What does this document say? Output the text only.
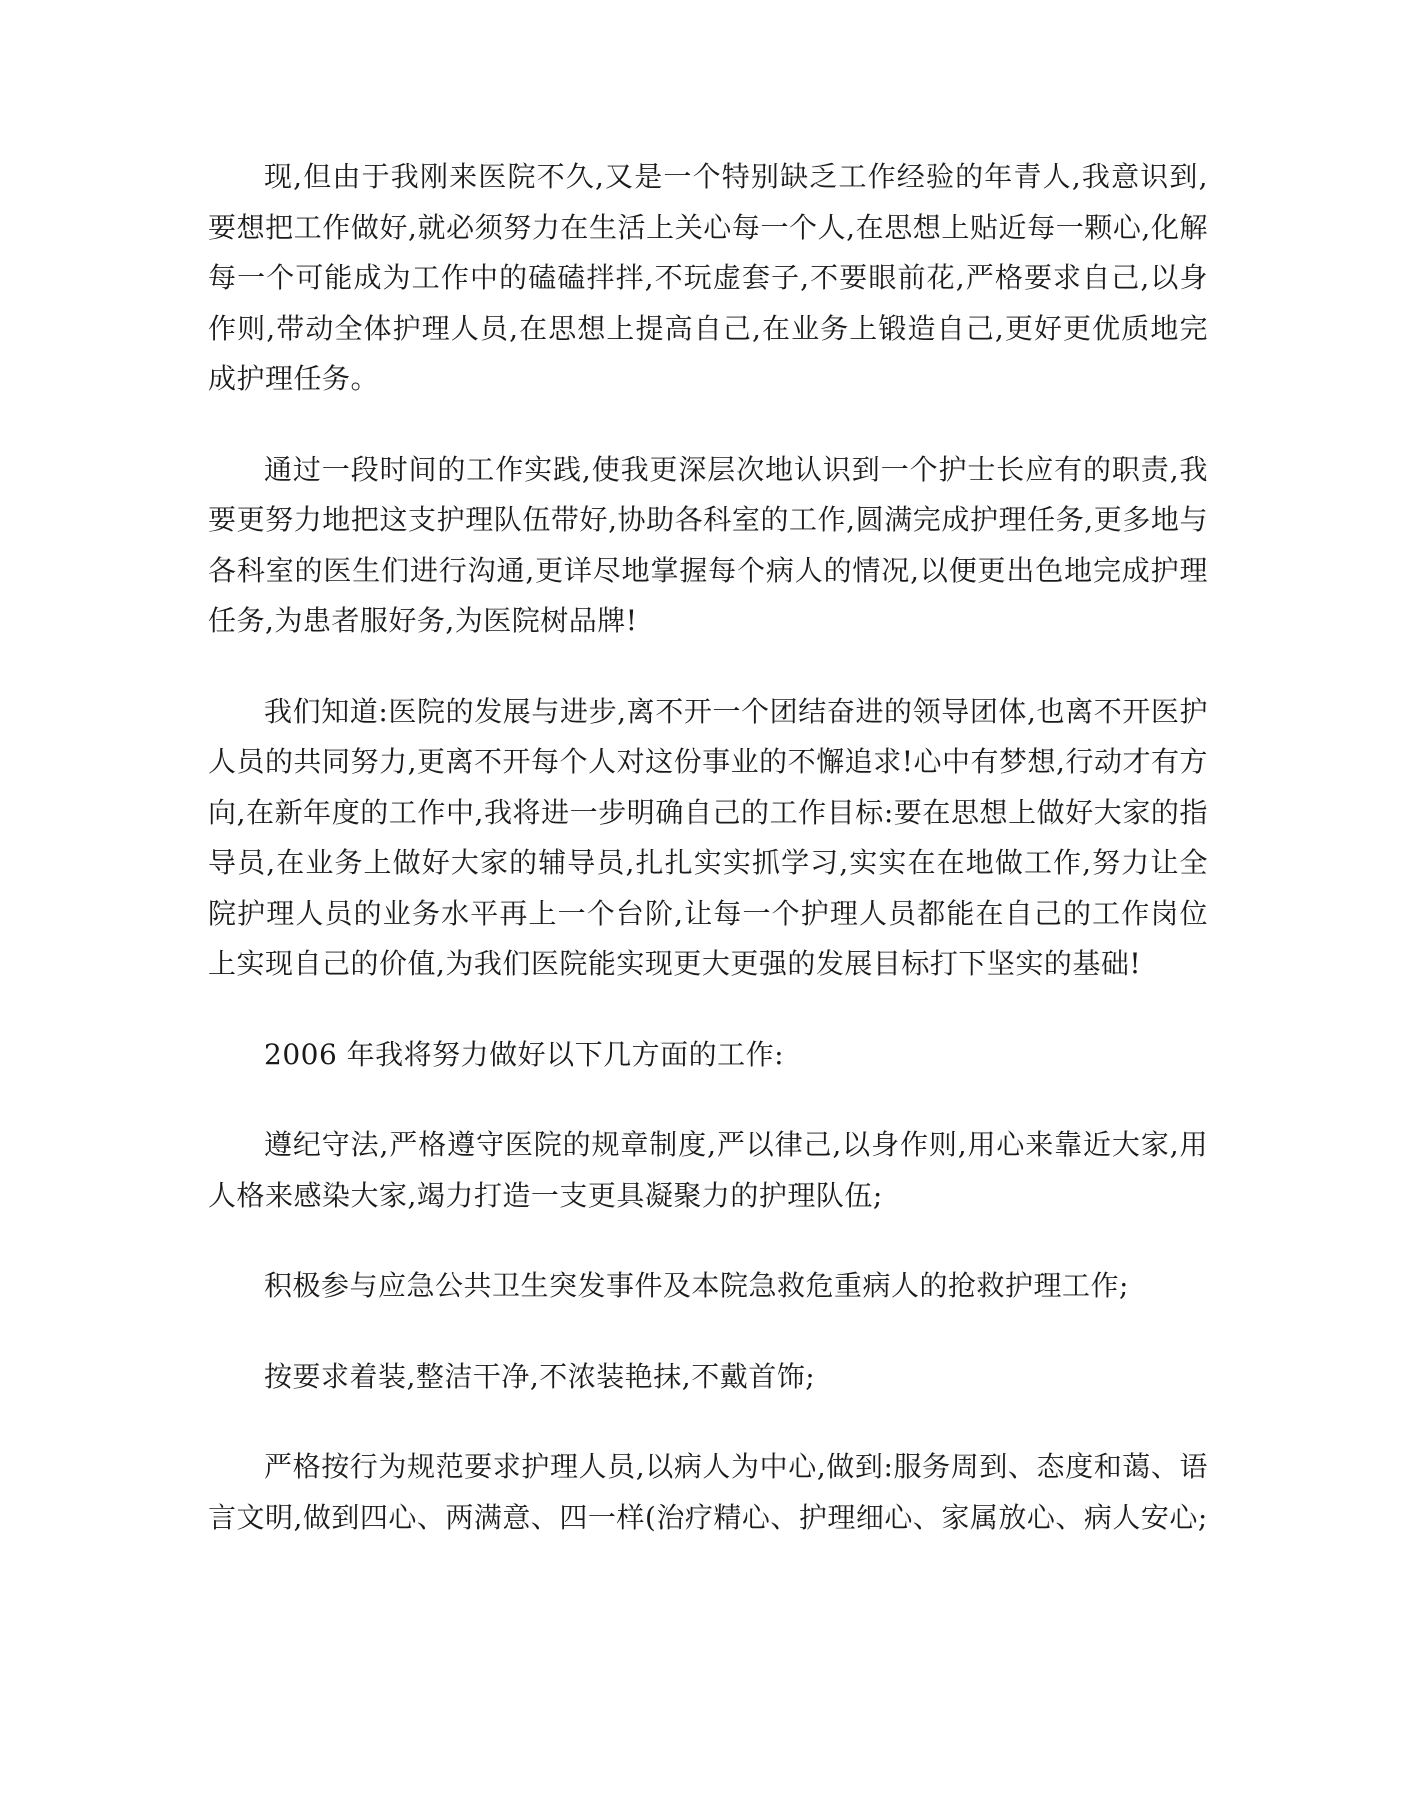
现,但由于我刚来医院不久,又是一个特别缺乏工作经验的年青人,我意识到,要想把工作做好,就必须努力在生活上关心每一个人,在思想上贴近每一颗心,化解每一个可能成为工作中的磕磕拌拌,不玩虚套子,不要眼前花,严格要求自己,以身作则,带动全体护理人员,在思想上提高自己,在业务上锻造自己,更好更优质地完成护理任务。

通过一段时间的工作实践,使我更深层次地认识到一个护士长应有的职责,我要更努力地把这支护理队伍带好,协助各科室的工作,圆满完成护理任务,更多地与各科室的医生们进行沟通,更详尽地掌握每个病人的情况,以便更出色地完成护理任务,为患者服好务,为医院树品牌!

我们知道:医院的发展与进步,离不开一个团结奋进的领导团体,也离不开医护人员的共同努力,更离不开每个人对这份事业的不懈追求!心中有梦想,行动才有方向,在新年度的工作中,我将进一步明确自己的工作目标:要在思想上做好大家的指导员,在业务上做好大家的辅导员,扎扎实实抓学习,实实在在地做工作,努力让全院护理人员的业务水平再上一个台阶,让每一个护理人员都能在自己的工作岗位上实现自己的价值,为我们医院能实现更大更强的发展目标打下坚实的基础!

2006 年我将努力做好以下几方面的工作:

遵纪守法,严格遵守医院的规章制度,严以律己,以身作则,用心来靠近大家,用人格来感染大家,竭力打造一支更具凝聚力的护理队伍;

积极参与应急公共卫生突发事件及本院急救危重病人的抢救护理工作;

按要求着装,整洁干净,不浓装艳抹,不戴首饰;

严格按行为规范要求护理人员,以病人为中心,做到:服务周到、态度和蔼、语言文明,做到四心、两满意、四一样(治疗精心、护理细心、家属放心、病人安心;
